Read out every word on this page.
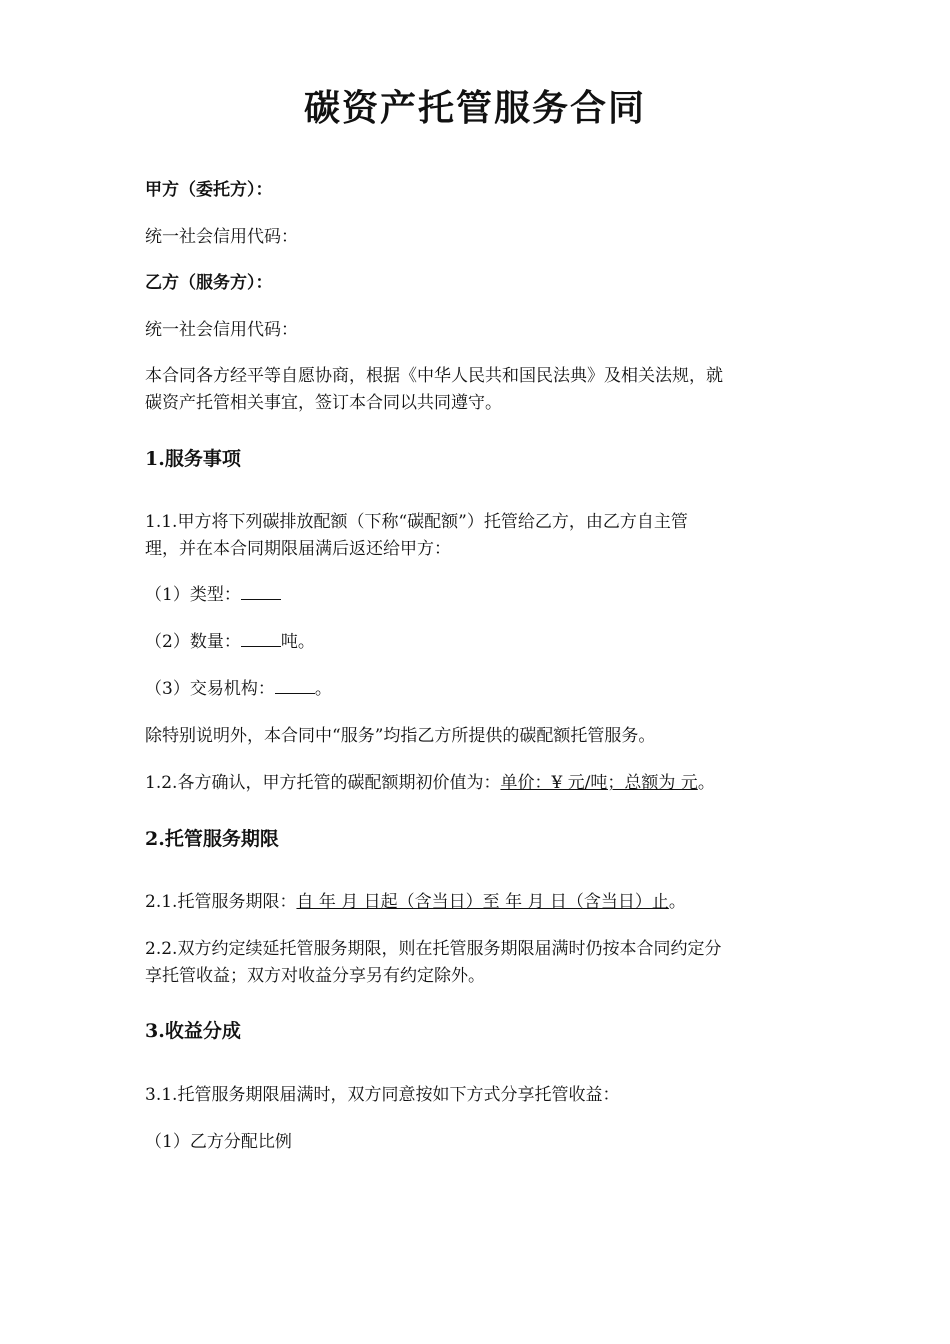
碳资产托管服务合同
甲方（委托方）：
统一社会信用代码：
乙方（服务方）：
统一社会信用代码：
本合同各方经平等自愿协商，根据《中华人民共和国民法典》及相关法规，就
碳资产托管相关事宜，签订本合同以共同遵守。
1.服务事项
1.1.甲方将下列碳排放配额（下称“碳配额”）托管给乙方，由乙方自主管
理，并在本合同期限届满后返还给甲方：
（1）类型：
（2）数量： 吨。
（3）交易机构： 。
除特别说明外，本合同中“服务”均指乙方所提供的碳配额托管服务。
1.2.各方确认，甲方托管的碳配额期初价值为：单价：¥ 元/吨；总额为 元。
2.托管服务期限
2.1.托管服务期限：自 年 月 日起（含当日）至 年 月 日（含当日）止。
2.2.双方约定续延托管服务期限，则在托管服务期限届满时仍按本合同约定分
享托管收益；双方对收益分享另有约定除外。
3.收益分成
3.1.托管服务期限届满时，双方同意按如下方式分享托管收益：
（1）乙方分配比例
